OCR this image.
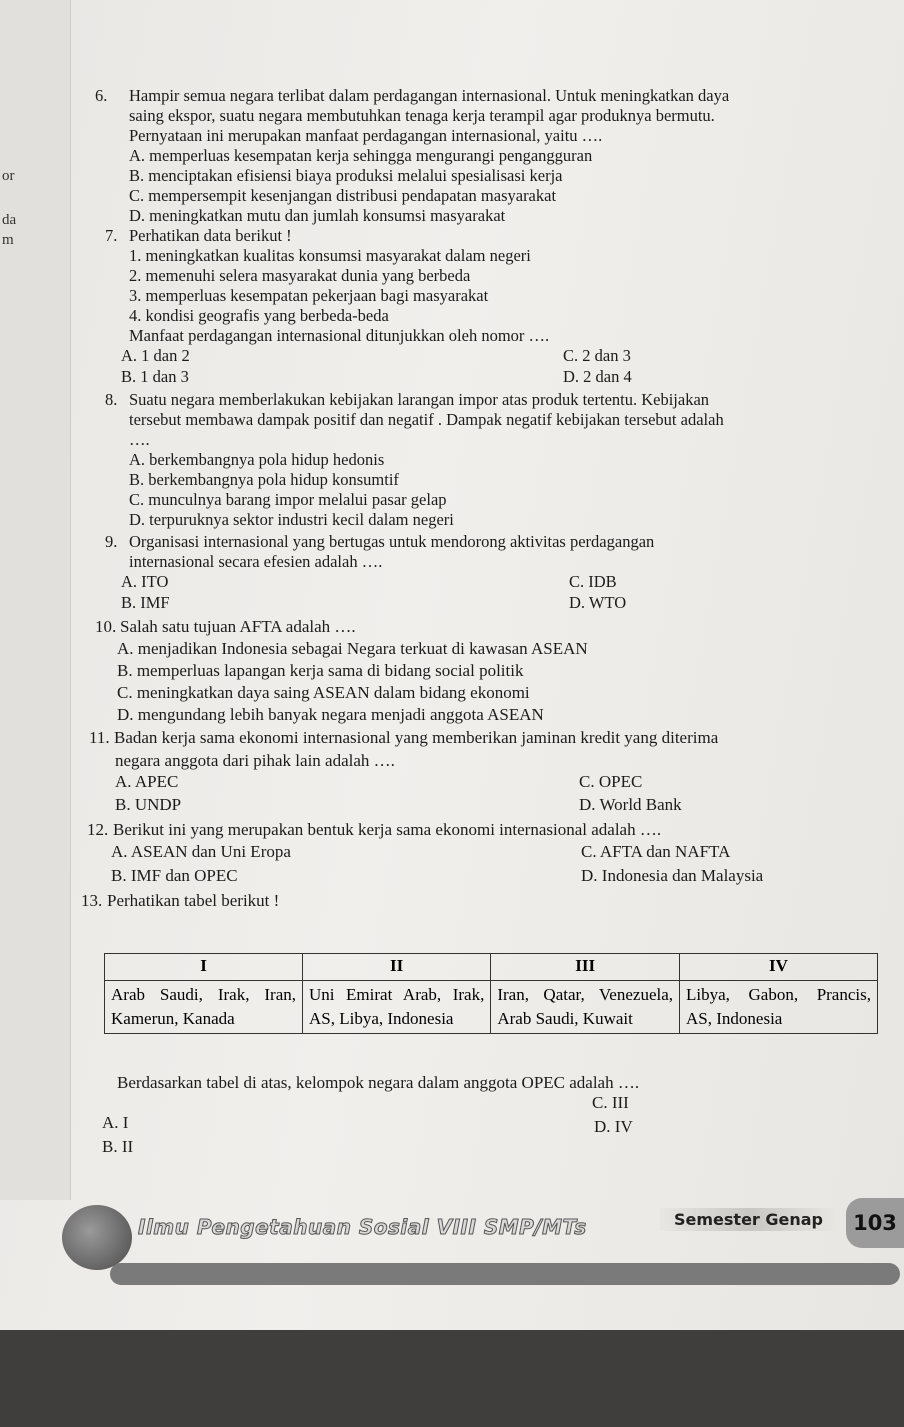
or
da
m
6. Hampir semua negara terlibat dalam perdagangan internasional. Untuk meningkatkan daya
saing ekspor, suatu negara membutuhkan tenaga kerja terampil agar produknya bermutu.
Pernyataan ini merupakan manfaat perdagangan internasional, yaitu ….
A. memperluas kesempatan kerja sehingga mengurangi pengangguran
B. menciptakan efisiensi biaya produksi melalui spesialisasi kerja
C. mempersempit kesenjangan distribusi pendapatan masyarakat
D. meningkatkan mutu dan jumlah konsumsi masyarakat
7. Perhatikan data berikut !
1. meningkatkan kualitas konsumsi masyarakat dalam negeri
2. memenuhi selera masyarakat dunia yang berbeda
3. memperluas kesempatan pekerjaan bagi masyarakat
4. kondisi geografis yang berbeda-beda
Manfaat perdagangan internasional ditunjukkan oleh nomor ….
A. 1 dan 2	C. 2 dan 3
B. 1 dan 3	D. 2 dan 4
8. Suatu negara memberlakukan kebijakan larangan impor atas produk tertentu. Kebijakan
tersebut membawa dampak positif dan negatif . Dampak negatif kebijakan tersebut adalah
….
A. berkembangnya pola hidup hedonis
B. berkembangnya pola hidup konsumtif
C. munculnya barang impor melalui pasar gelap
D. terpuruknya sektor industri kecil dalam negeri
9. Organisasi internasional yang bertugas untuk mendorong aktivitas perdagangan
internasional secara efesien adalah ….
A. ITO	C. IDB
B. IMF	D. WTO
10. Salah satu tujuan AFTA adalah ….
A. menjadikan Indonesia sebagai Negara terkuat di kawasan ASEAN
B. memperluas lapangan kerja sama di bidang social politik
C. meningkatkan daya saing ASEAN dalam bidang ekonomi
D. mengundang lebih banyak negara menjadi anggota ASEAN
11. Badan kerja sama ekonomi internasional yang memberikan jaminan kredit yang diterima
negara anggota dari pihak lain adalah ….
A. APEC	C. OPEC
B. UNDP	D. World Bank
12. Berikut ini yang merupakan bentuk kerja sama ekonomi internasional adalah ….
A. ASEAN dan Uni Eropa	C. AFTA dan NAFTA
B. IMF dan OPEC	D. Indonesia dan Malaysia
13. Perhatikan tabel berikut !
I	II	III	IV
Arab Saudi, Irak, Iran, Kamerun, Kanada	Uni Emirat Arab, Irak, AS, Libya, Indonesia	Iran, Qatar, Venezuela, Arab Saudi, Kuwait	Libya, Gabon, Prancis, AS, Indonesia
Berdasarkan tabel di atas, kelompok negara dalam anggota OPEC adalah ….
C. III
A. I	D. IV
B. II
Ilmu Pengetahuan Sosial VIII SMP/MTs	Semester Genap	103
